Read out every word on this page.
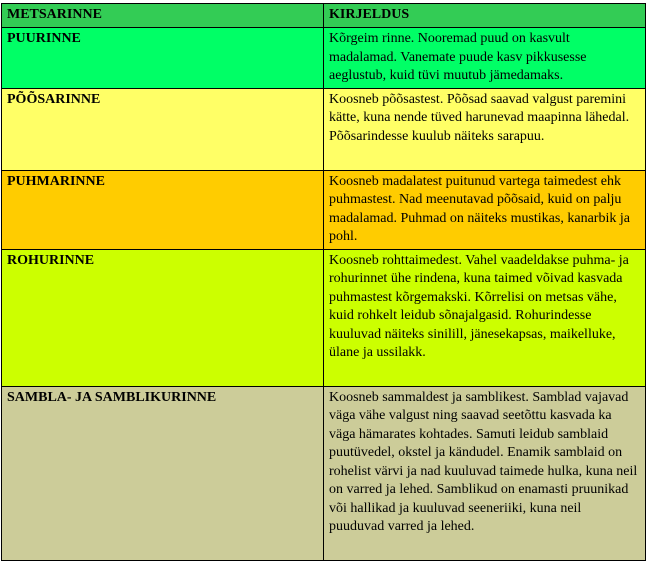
METSARINNE	KIRJELDUS
PUURINNE	Kõrgeim rinne. Nooremad puud on kasvult madalamad. Vanemate puude kasv pikkusesse aeglustub, kuid tüvi muutub jämedamaks.
PÕÕSARINNE	Koosneb põõsastest. Põõsad saavad valgust paremini kätte, kuna nende tüved harunevad maapinna lähedal. Põõsarindesse kuulub näiteks sarapuu.
PUHMARINNE	Koosneb madalatest puitunud vartega taimedest ehk puhmastest. Nad meenutavad põõsaid, kuid on palju madalamad. Puhmad on näiteks mustikas, kanarbik ja pohl.
ROHURINNE	Koosneb rohttaimedest. Vahel vaadeldakse puhma- ja rohurinnet ühe rindena, kuna taimed võivad kasvada puhmastest kõrgemakski. Kõrrelisi on metsas vähe, kuid rohkelt leidub sõnajalgasid. Rohurindesse kuuluvad näiteks sinilill, jänesekapsas, maikelluke, ülane ja ussilakk.
SAMBLA- JA SAMBLIKURINNE	Koosneb sammaldest ja samblikest. Samblad vajavad väga vähe valgust ning saavad seetõttu kasvada ka väga hämarates kohtades. Samuti leidub samblaid puutüvedel, okstel ja kändudel. Enamik samblaid on rohelist värvi ja nad kuuluvad taimede hulka, kuna neil on varred ja lehed. Samblikud on enamasti pruunikad või hallikad ja kuuluvad seeneriiki, kuna neil puuduvad varred ja lehed.
